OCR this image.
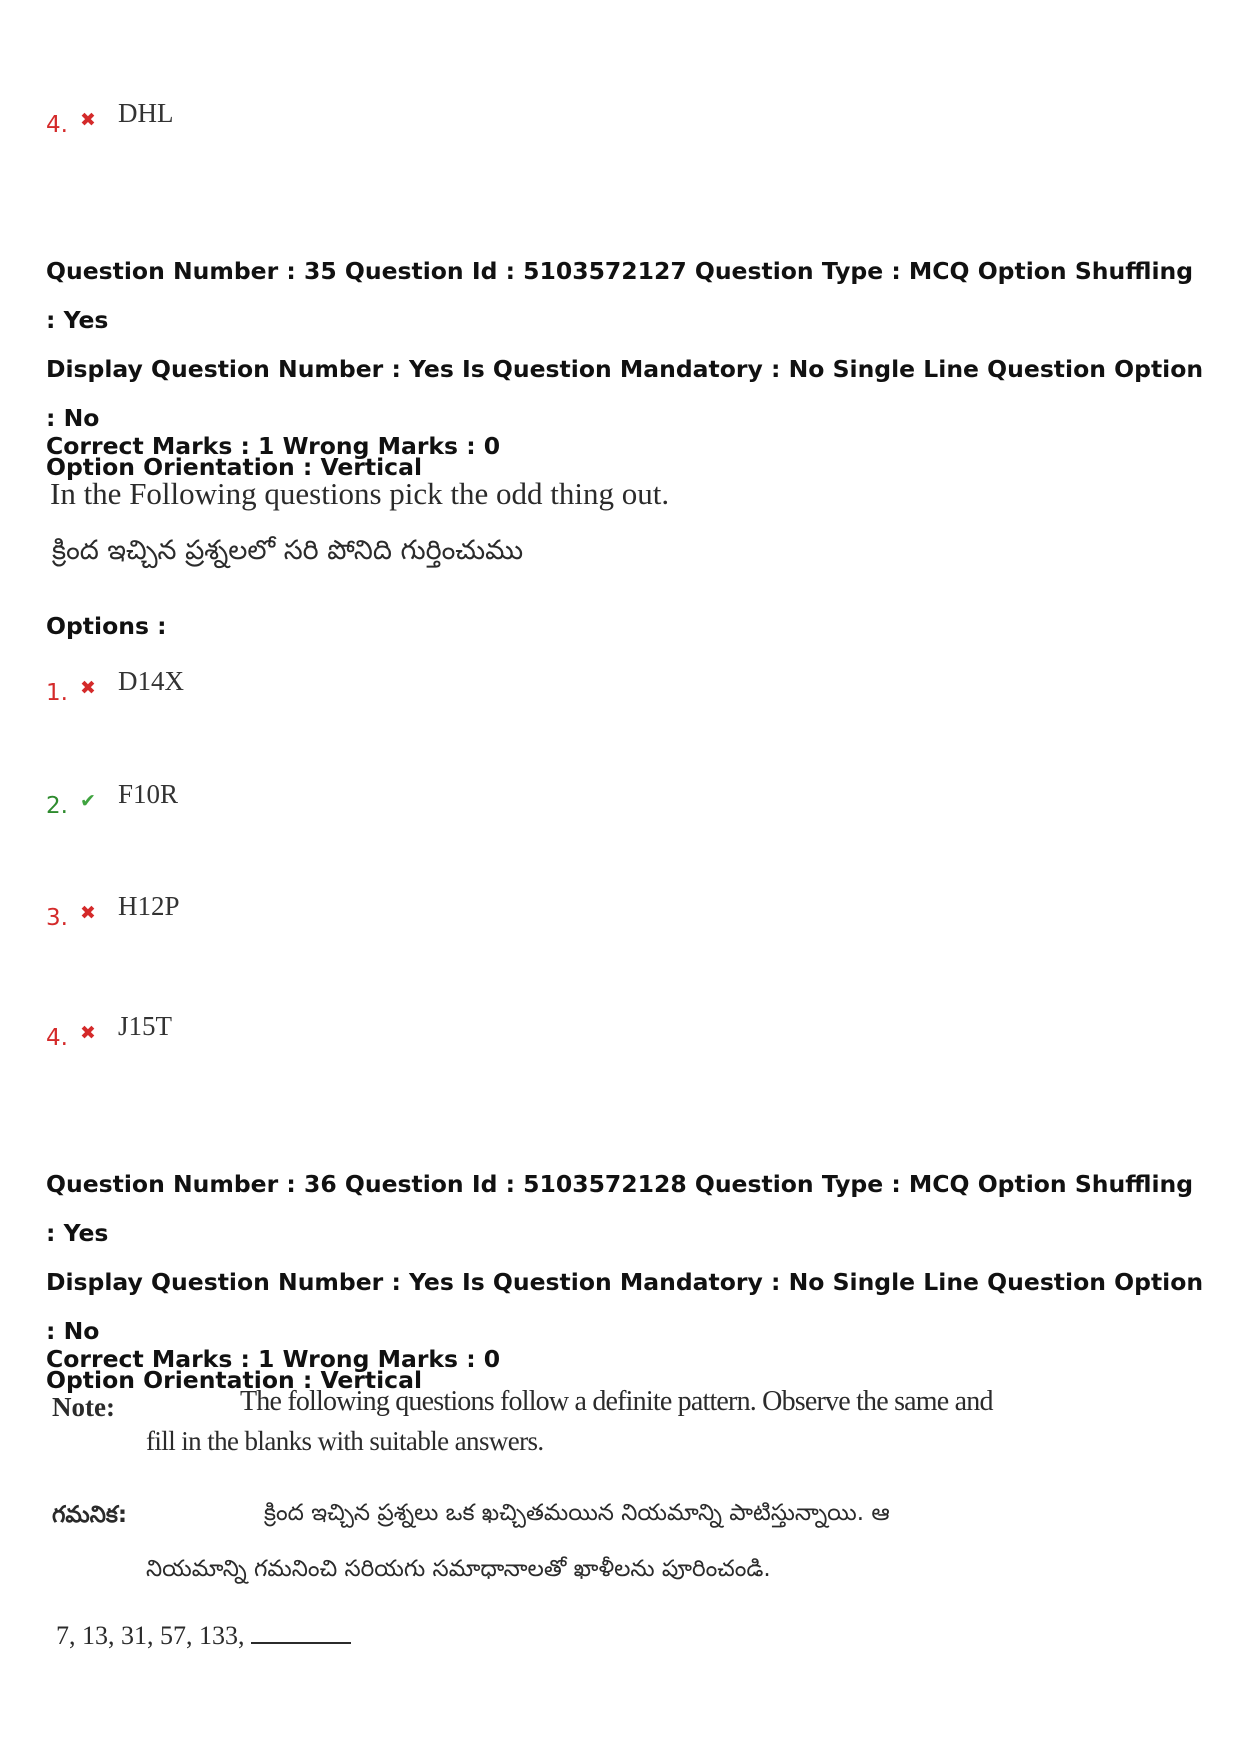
4. ✖ DHL
Question Number : 35 Question Id : 5103572127 Question Type : MCQ Option Shuffling : Yes
Display Question Number : Yes Is Question Mandatory : No Single Line Question Option : No
Option Orientation : Vertical
Correct Marks : 1 Wrong Marks : 0
In the Following questions pick the odd thing out.
క్రింద ఇచ్చిన ప్రశ్నలలో సరి పోనిది గుర్తించుము
Options :
1. ✖ D14X
2. ✔ F10R
3. ✖ H12P
4. ✖ J15T
Question Number : 36 Question Id : 5103572128 Question Type : MCQ Option Shuffling : Yes
Display Question Number : Yes Is Question Mandatory : No Single Line Question Option : No
Option Orientation : Vertical
Correct Marks : 1 Wrong Marks : 0
Note:	The following questions follow a definite pattern. Observe the same and
fill in the blanks with suitable answers.
గమనిక:	క్రింద ఇచ్చిన ప్రశ్నలు ఒక ఖచ్చితమయిన నియమాన్ని పాటిస్తున్నాయి. ఆ
నియమాన్ని గమనించి సరియగు సమాధానాలతో ఖాళీలను పూరించండి.
7, 13, 31, 57, 133,
